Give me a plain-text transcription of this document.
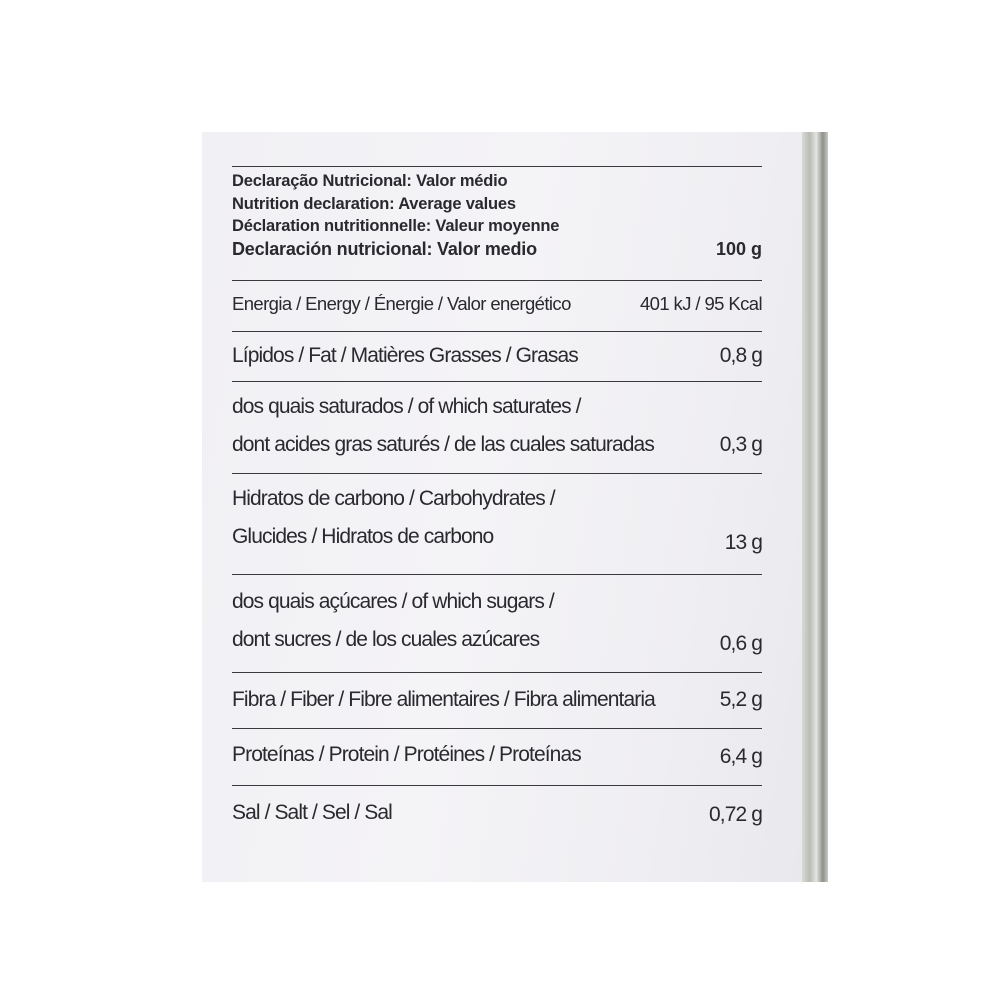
Declaração Nutricional: Valor médio
Nutrition declaration: Average values
Déclaration nutritionnelle: Valeur moyenne
Declaración nutricional: Valor medio	100 g
Energia / Energy / Énergie / Valor energético	401 kJ / 95 Kcal
Lípidos / Fat / Matières Grasses / Grasas	0,8 g
dos quais saturados / of which saturates /
dont acides gras saturés / de las cuales saturadas	0,3 g
Hidratos de carbono / Carbohydrates /
Glucides / Hidratos de carbono	13 g
dos quais açúcares / of which sugars /
dont sucres / de los cuales azúcares	0,6 g
Fibra / Fiber / Fibre alimentaires / Fibra alimentaria	5,2 g
Proteínas / Protein / Protéines / Proteínas	6,4 g
Sal / Salt / Sel / Sal	0,72 g
